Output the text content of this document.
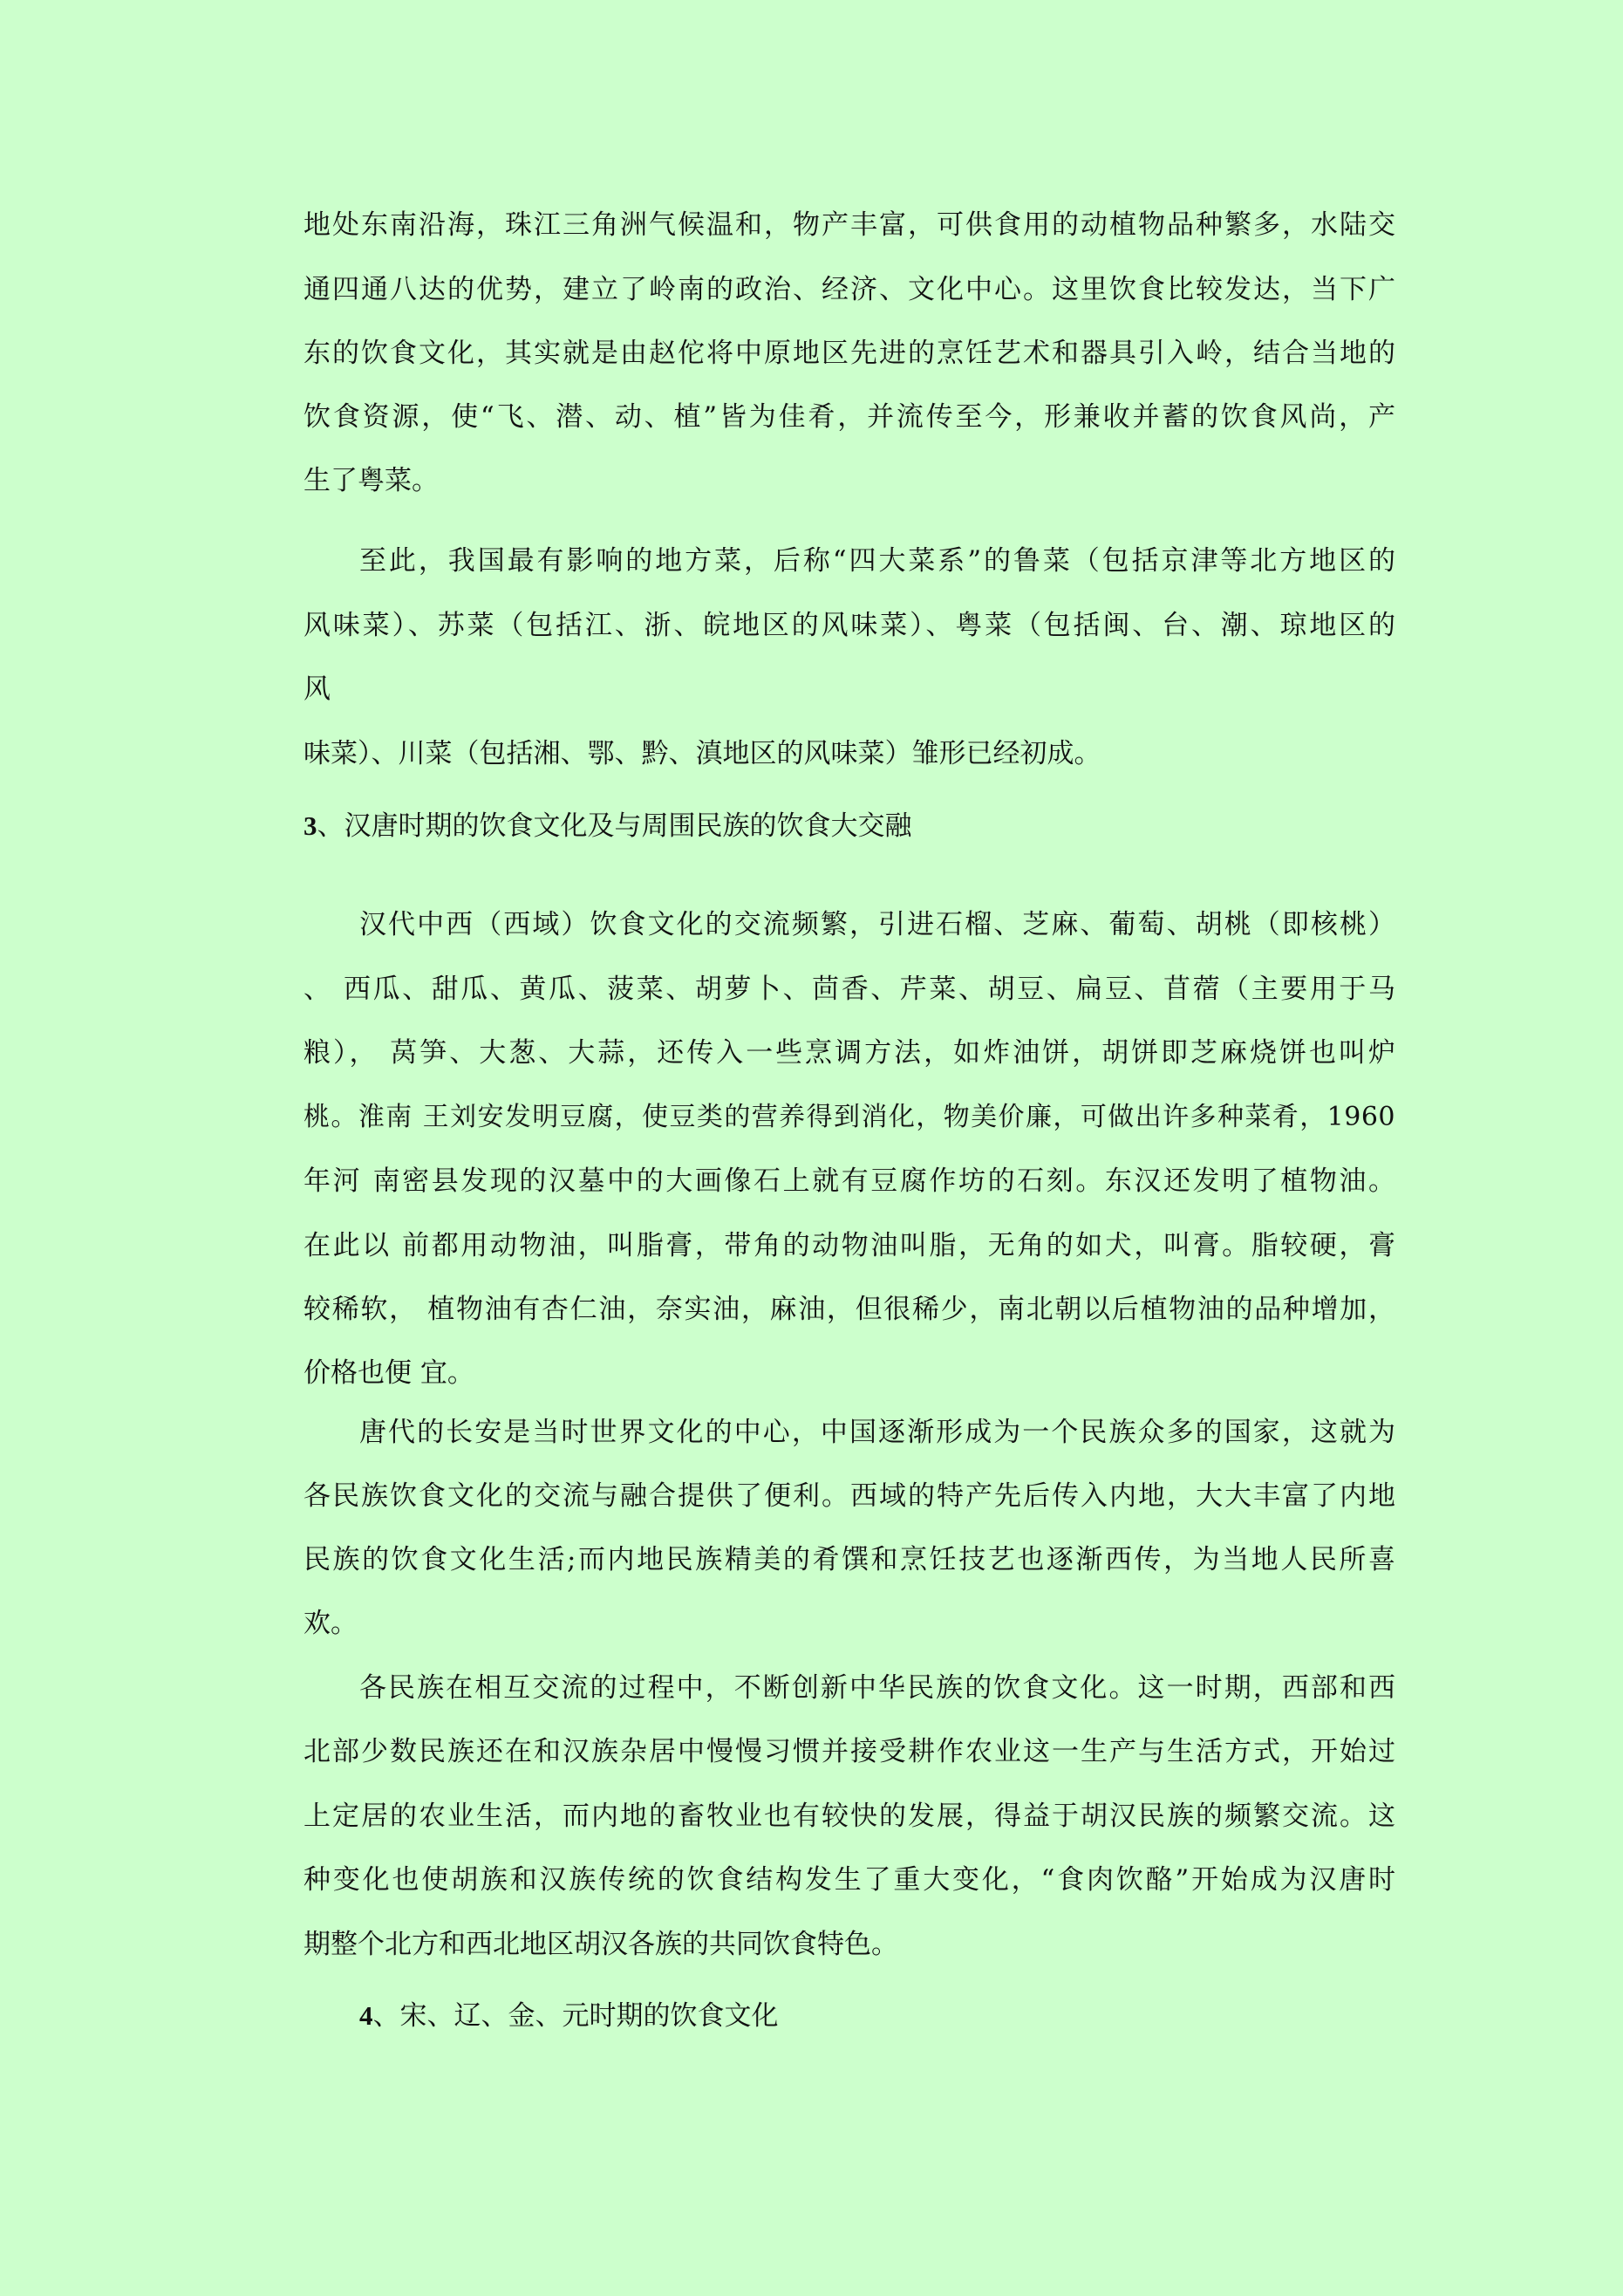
地处东南沿海，珠江三角洲气候温和，物产丰富，可供食用的动植物品种繁多，水陆交

通四通八达的优势，建立了岭南的政治、经济、文化中心。这里饮食比较发达，当下广

东的饮食文化，其实就是由赵佗将中原地区先进的烹饪艺术和器具引入岭，结合当地的

饮食资源，使“飞、潜、动、植”皆为佳肴，并流传至今，形兼收并蓄的饮食风尚，产

生了粤菜。

至此，我国最有影响的地方菜，后称“四大菜系”的鲁菜（包括京津等北方地区的

风味菜）、苏菜（包括江、浙、皖地区的风味菜）、粤菜（包括闽、台、潮、琼地区的

风

味菜）、川菜（包括湘、鄂、黔、滇地区的风味菜）雏形已经初成。

3、汉唐时期的饮食文化及与周围民族的饮食大交融

汉代中西（西域）饮食文化的交流频繁，引进石榴、芝麻、葡萄、胡桃（即核桃）

、 西瓜、甜瓜、黄瓜、菠菜、胡萝卜、茴香、芹菜、胡豆、扁豆、苜蓿（主要用于马

粮）， 莴笋、大葱、大蒜，还传入一些烹调方法，如炸油饼，胡饼即芝麻烧饼也叫炉

桃。淮南 王刘安发明豆腐，使豆类的营养得到消化，物美价廉，可做出许多种菜肴，1960

年河 南密县发现的汉墓中的大画像石上就有豆腐作坊的石刻。东汉还发明了植物油。

在此以 前都用动物油，叫脂膏，带角的动物油叫脂，无角的如犬，叫膏。脂较硬，膏

较稀软， 植物油有杏仁油，奈实油，麻油，但很稀少，南北朝以后植物油的品种增加，

价格也便 宜。

唐代的长安是当时世界文化的中心，中国逐渐形成为一个民族众多的国家，这就为

各民族饮食文化的交流与融合提供了便利。西域的特产先后传入内地，大大丰富了内地

民族的饮食文化生活;而内地民族精美的肴馔和烹饪技艺也逐渐西传，为当地人民所喜

欢。

各民族在相互交流的过程中，不断创新中华民族的饮食文化。这一时期，西部和西

北部少数民族还在和汉族杂居中慢慢习惯并接受耕作农业这一生产与生活方式，开始过

上定居的农业生活，而内地的畜牧业也有较快的发展，得益于胡汉民族的频繁交流。这

种变化也使胡族和汉族传统的饮食结构发生了重大变化，“食肉饮酪”开始成为汉唐时

期整个北方和西北地区胡汉各族的共同饮食特色。

4、宋、辽、金、元时期的饮食文化
